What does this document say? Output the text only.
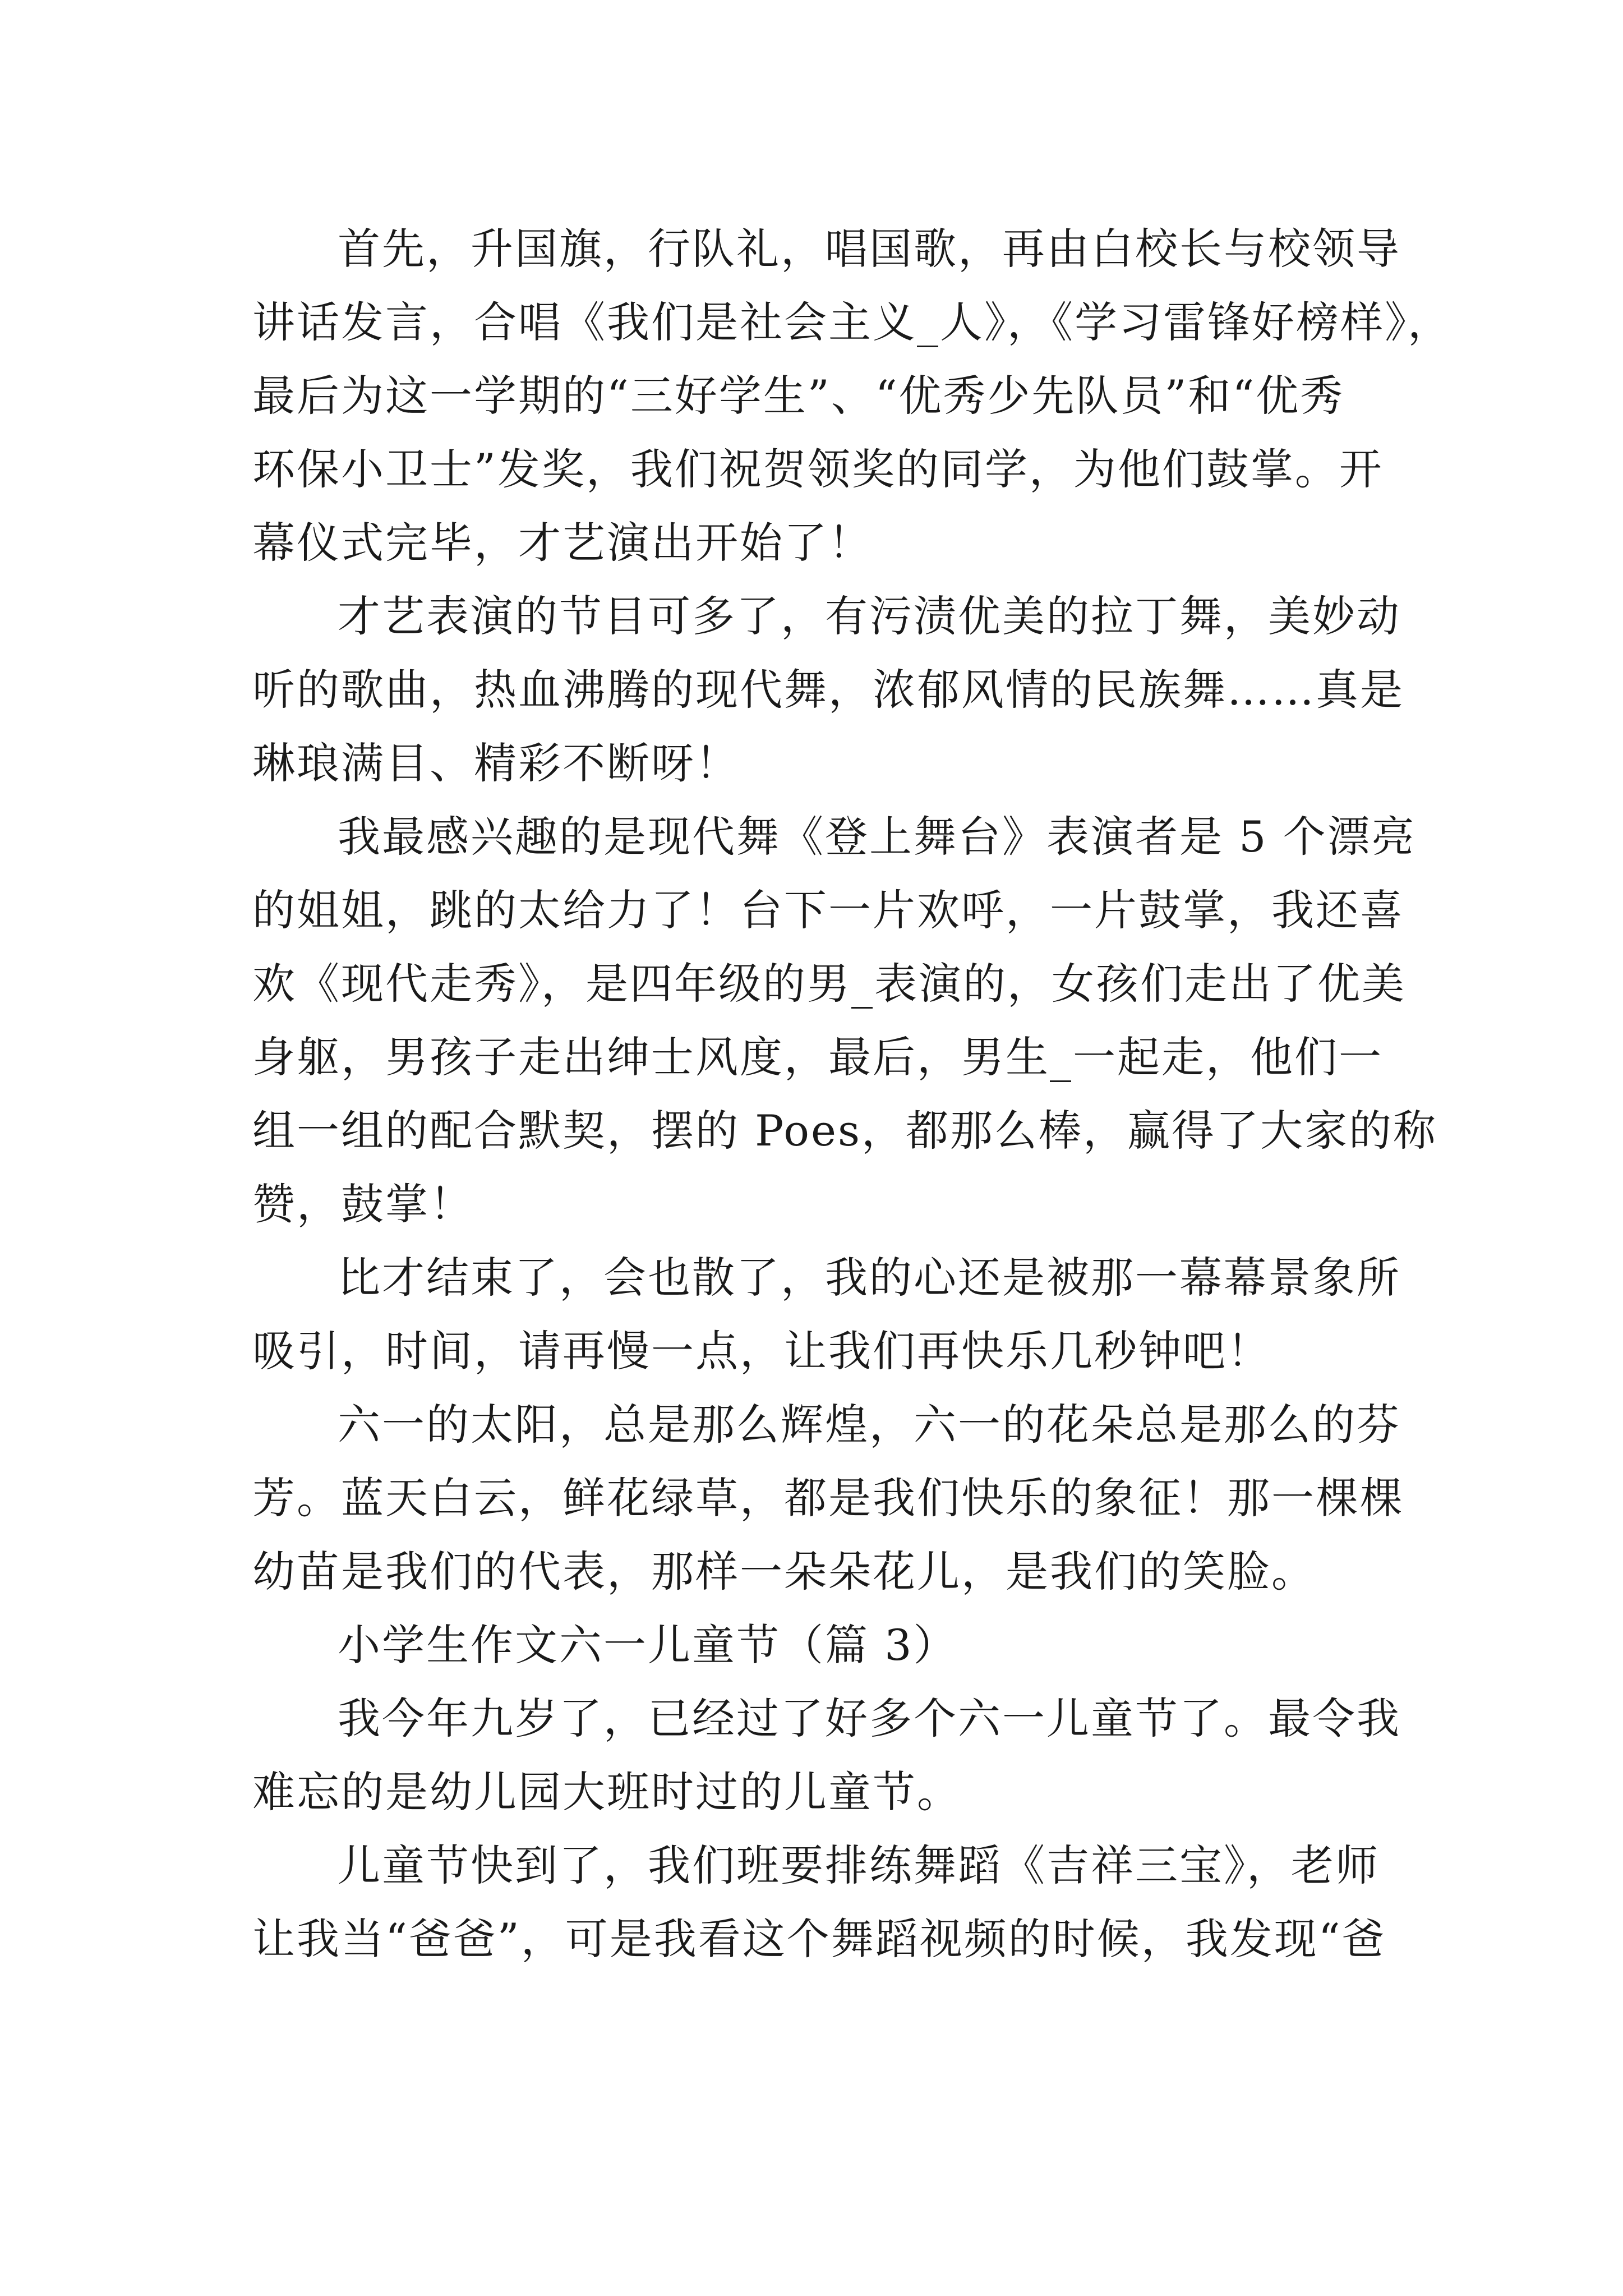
首先，升国旗，行队礼，唱国歌，再由白校长与校领导
讲话发言，合唱《我们是社会主义_人》，《学习雷锋好榜样》，
最后为这一学期的“三好学生”、“优秀少先队员”和“优秀
环保小卫士”发奖，我们祝贺领奖的同学，为他们鼓掌。开
幕仪式完毕，才艺演出开始了！
才艺表演的节目可多了，有污渍优美的拉丁舞，美妙动
听的歌曲，热血沸腾的现代舞，浓郁风情的民族舞……真是
琳琅满目、精彩不断呀！
我最感兴趣的是现代舞《登上舞台》表演者是 5 个漂亮
的姐姐，跳的太给力了！台下一片欢呼，一片鼓掌，我还喜
欢《现代走秀》，是四年级的男_表演的，女孩们走出了优美
身躯，男孩子走出绅士风度，最后，男生_一起走，他们一
组一组的配合默契，摆的 Poes，都那么棒，赢得了大家的称
赞，鼓掌！
比才结束了，会也散了，我的心还是被那一幕幕景象所
吸引，时间，请再慢一点，让我们再快乐几秒钟吧！
六一的太阳，总是那么辉煌，六一的花朵总是那么的芬
芳。蓝天白云，鲜花绿草，都是我们快乐的象征！那一棵棵
幼苗是我们的代表，那样一朵朵花儿，是我们的笑脸。
小学生作文六一儿童节（篇 3）
我今年九岁了，已经过了好多个六一儿童节了。最令我
难忘的是幼儿园大班时过的儿童节。
儿童节快到了，我们班要排练舞蹈《吉祥三宝》，老师
让我当“爸爸”，可是我看这个舞蹈视频的时候，我发现“爸
